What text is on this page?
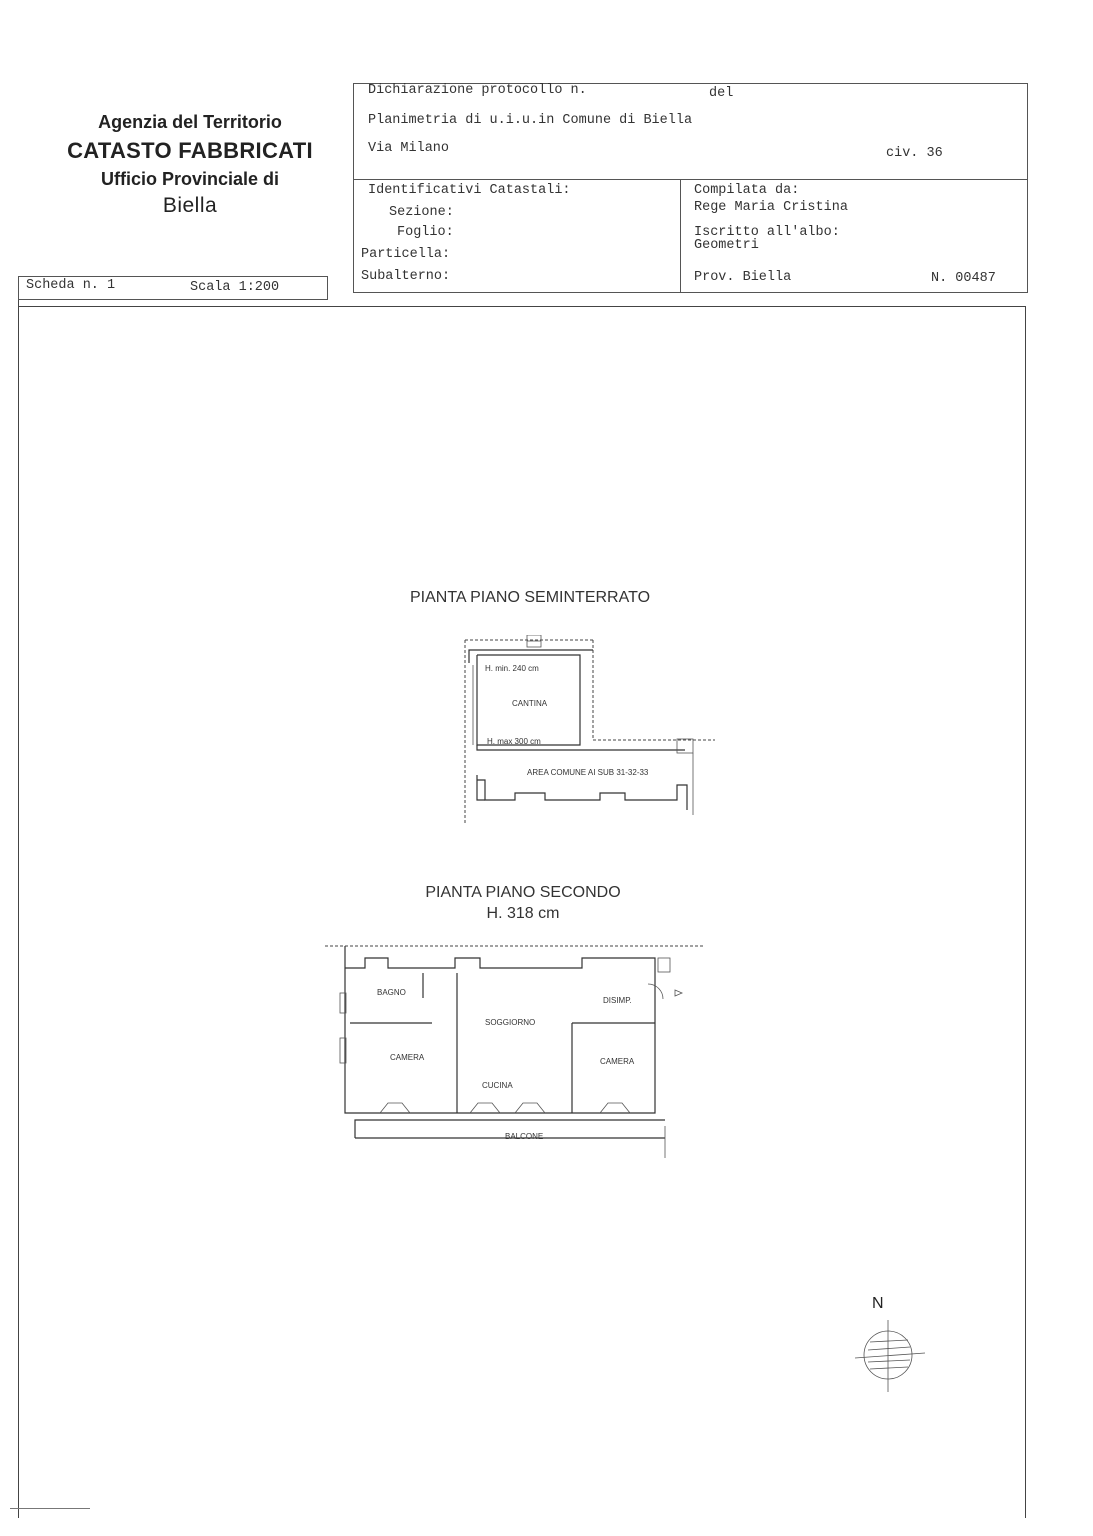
Agenzia del Territorio
CATASTO FABBRICATI
Ufficio Provinciale di
Biella
Dichiarazione protocollo n.	del
Planimetria di u.i.u.in Comune di Biella
Via Milano	civ. 36
Identificativi Catastali:
Sezione:
Foglio:
Particella:
Subalterno:
Compilata da:
Rege Maria Cristina
Iscritto all'albo:
Geometri
Prov. Biella	N. 00487
Scheda n. 1	Scala 1:200
PIANTA PIANO SEMINTERRATO
H. min. 240 cm
CANTINA
H. max 300 cm
AREA COMUNE AI SUB 31-32-33
PIANTA PIANO SECONDO
H. 318 cm
BAGNO
DISIMP.
SOGGIORNO
CAMERA	CAMERA
CUCINA
BALCONE
N
